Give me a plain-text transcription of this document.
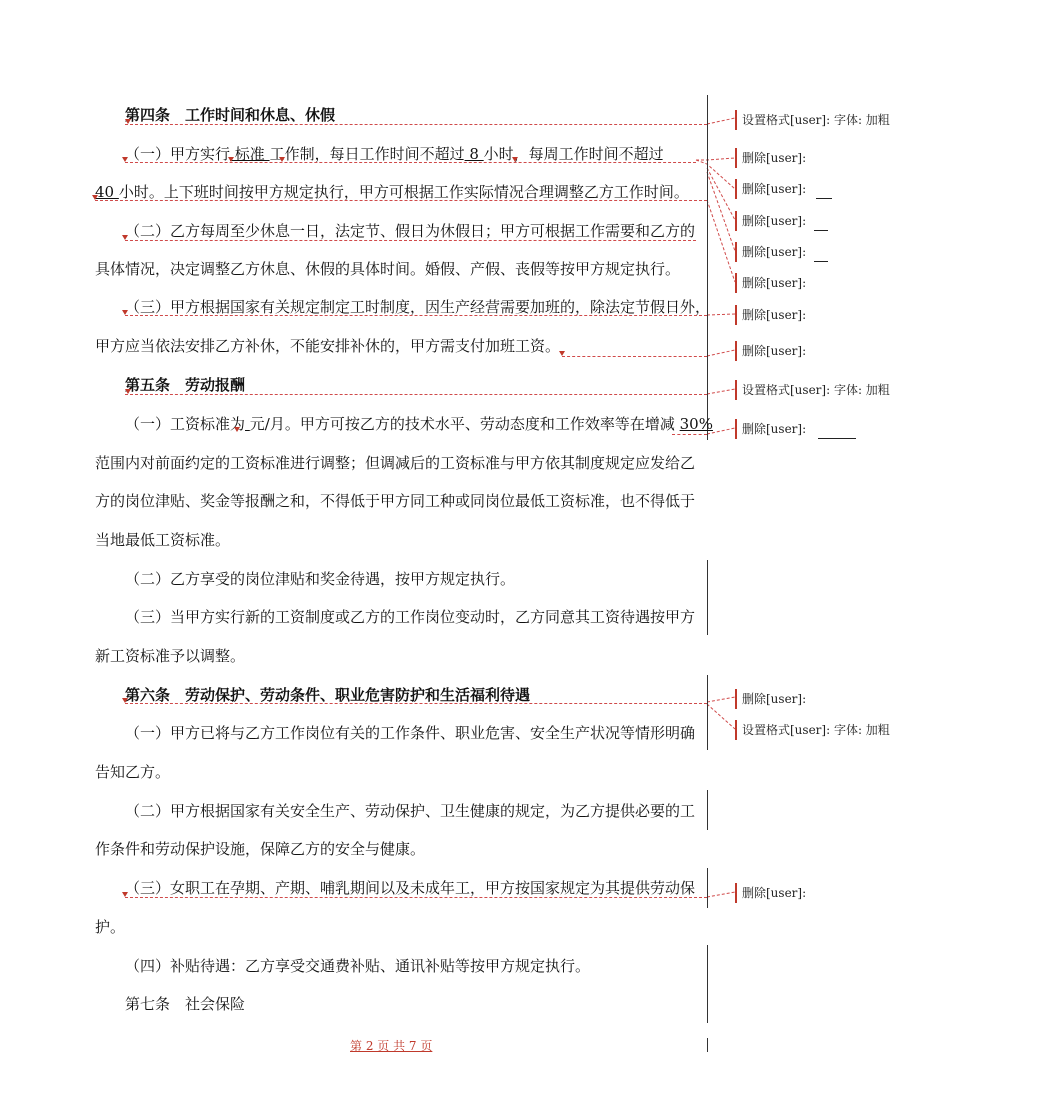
第四条　工作时间和休息、休假
（一）甲方实行 标准 工作制，每日工作时间不超过 8 小时，每周工作时间不超过
40 小时。上下班时间按甲方规定执行，甲方可根据工作实际情况合理调整乙方工作时间。
（二）乙方每周至少休息一日，法定节、假日为休假日；甲方可根据工作需要和乙方的
具体情况，决定调整乙方休息、休假的具体时间。婚假、产假、丧假等按甲方规定执行。
（三）甲方根据国家有关规定制定工时制度，因生产经营需要加班的，除法定节假日外，
甲方应当依法安排乙方补休，不能安排补休的，甲方需支付加班工资。
第五条　劳动报酬
（一）工资标准为 元/月。甲方可按乙方的技术水平、劳动态度和工作效率等在增减 30%
范围内对前面约定的工资标准进行调整；但调减后的工资标准与甲方依其制度规定应发给乙
方的岗位津贴、奖金等报酬之和，不得低于甲方同工种或同岗位最低工资标准，也不得低于
当地最低工资标准。
（二）乙方享受的岗位津贴和奖金待遇，按甲方规定执行。
（三）当甲方实行新的工资制度或乙方的工作岗位变动时，乙方同意其工资待遇按甲方
新工资标准予以调整。
第六条　劳动保护、劳动条件、职业危害防护和生活福利待遇
（一）甲方已将与乙方工作岗位有关的工作条件、职业危害、安全生产状况等情形明确
告知乙方。
（二）甲方根据国家有关安全生产、劳动保护、卫生健康的规定，为乙方提供必要的工
作条件和劳动保护设施，保障乙方的安全与健康。
（三）女职工在孕期、产期、哺乳期间以及未成年工，甲方按国家规定为其提供劳动保
护。
（四）补贴待遇：乙方享受交通费补贴、通讯补贴等按甲方规定执行。
第七条　社会保险
设置格式[user]: 字体: 加粗
删除[user]:
删除[user]:
删除[user]:
删除[user]:
删除[user]:
删除[user]:
删除[user]:
设置格式[user]: 字体: 加粗
删除[user]:
删除[user]:
设置格式[user]: 字体: 加粗
删除[user]:
第 2 页 共 7 页
